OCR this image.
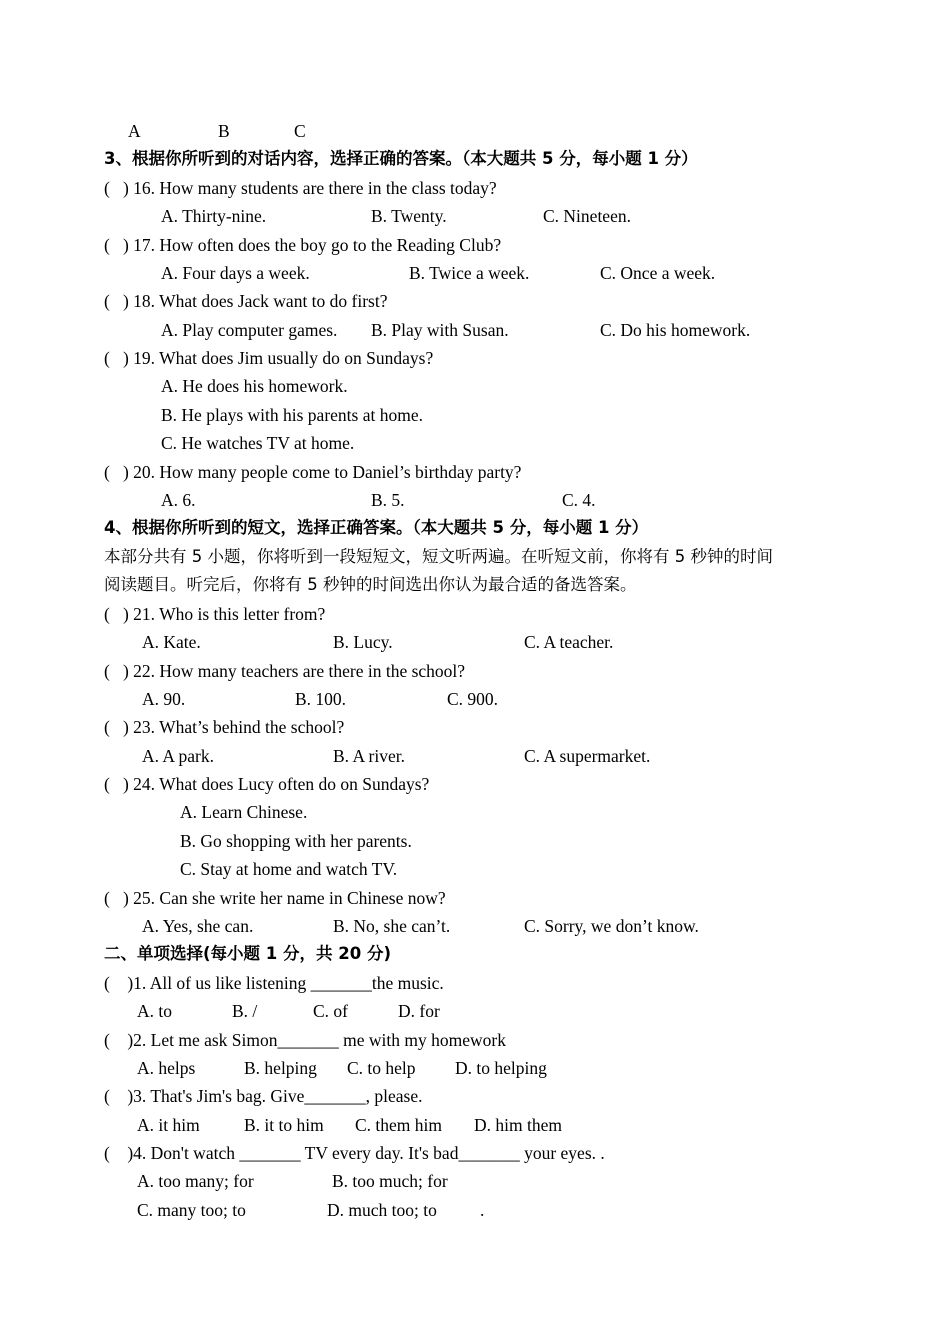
A	B	C
3、根据你所听到的对话内容，选择正确的答案。（本大题共 5 分，每小题 1 分）
(   ) 16. How many students are there in the class today?
A. Thirty-nine.	B. Twenty.	C. Nineteen.
(   ) 17. How often does the boy go to the Reading Club?
A. Four days a week.	B. Twice a week.	C. Once a week.
(   ) 18. What does Jack want to do first?
A. Play computer games. B. Play with Susan.	C. Do his homework.
(   ) 19. What does Jim usually do on Sundays?
A. He does his homework.
B. He plays with his parents at home.
C. He watches TV at home.
(   ) 20. How many people come to Daniel’s birthday party?
A. 6.	B. 5.	C. 4.
4、根据你所听到的短文，选择正确答案。（本大题共 5 分，每小题 1 分）
本部分共有 5 小题，你将听到一段短短文，短文听两遍。在听短文前，你将有 5 秒钟的时间
阅读题目。听完后，你将有 5 秒钟的时间选出你认为最合适的备选答案。
(   ) 21. Who is this letter from?
A. Kate.	B. Lucy.	C. A teacher.
(   ) 22. How many teachers are there in the school?
A. 90.	B. 100.	C. 900.
(   ) 23. What’s behind the school?
A. A park.	B. A river.	C. A supermarket.
(   ) 24. What does Lucy often do on Sundays?
A. Learn Chinese.
B. Go shopping with her parents.
C. Stay at home and watch TV.
(   ) 25. Can she write her name in Chinese now?
A. Yes, she can.	B. No, she can’t.	C. Sorry, we don’t know.
二、单项选择(每小题 1 分，共 20 分)
(    )1. All of us like listening _______the music.
A. to	B. /	C. of	D. for
(    )2. Let me ask Simon_______ me with my homework
A. helps	B. helping C. to help D. to helping
(    )3. That's Jim's bag. Give_______, please.
A. it him	B. it to him C. them him D. him them
(    )4. Don't watch _______ TV every day. It's bad_______ your eyes. .
A. too many; for	B. too much; for
C. many too; to	D. much too; to .
